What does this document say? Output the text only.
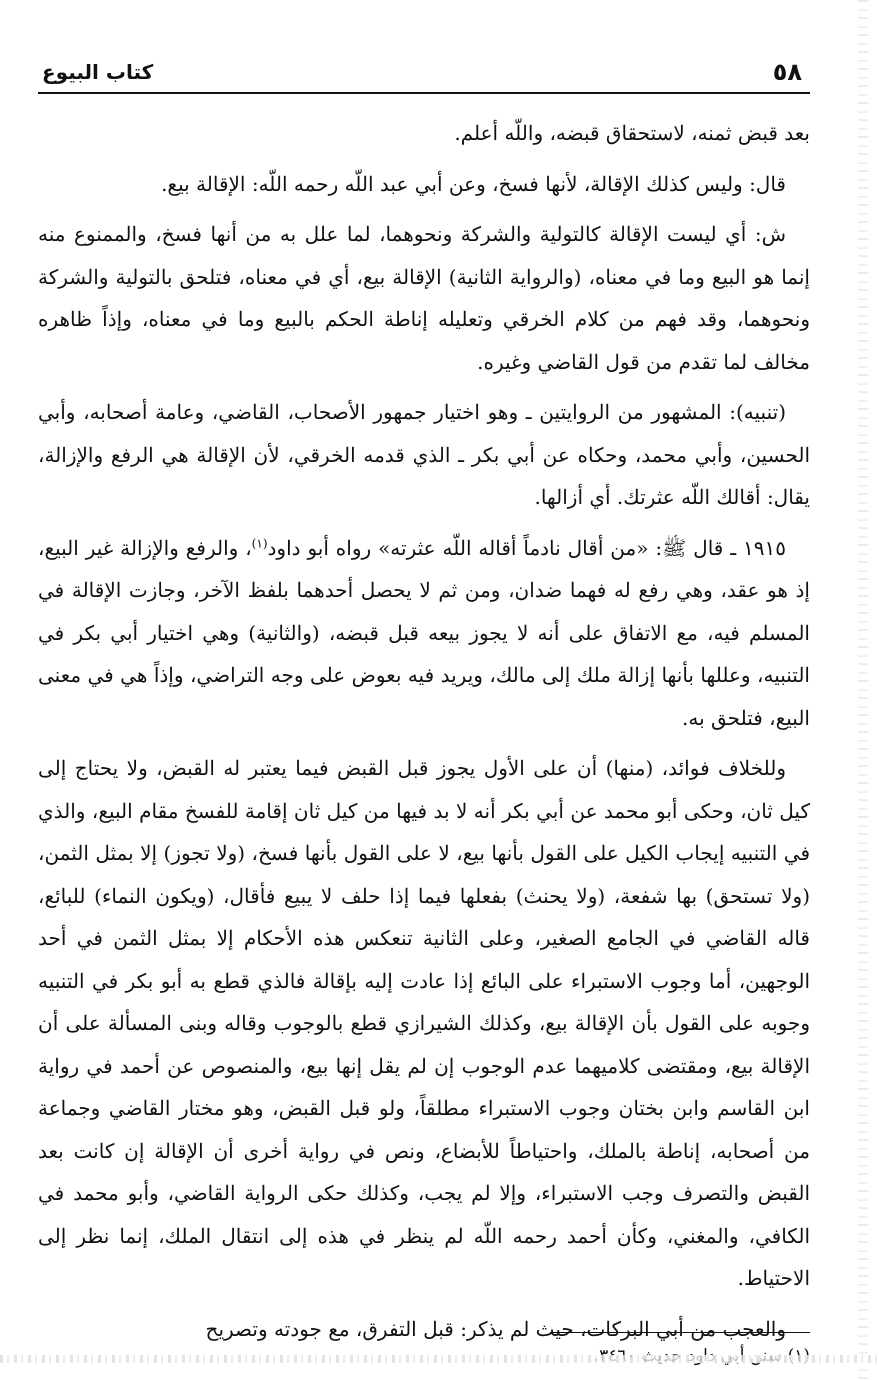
٥٨
كتاب البيوع

بعد قبض ثمنه، لاستحقاق قبضه، واللّه أعلم.

قال: وليس كذلك الإقالة، لأنها فسخ، وعن أبي عبد اللّه رحمه اللّه: الإقالة بيع.

ش: أي ليست الإقالة كالتولية والشركة ونحوهما، لما علل به من أنها فسخ، والممنوع منه إنما هو البيع وما في معناه، (والرواية الثانية) الإقالة بيع، أي في معناه، فتلحق بالتولية والشركة ونحوهما، وقد فهم من كلام الخرقي وتعليله إناطة الحكم بالبيع وما في معناه، وإذاً ظاهره مخالف لما تقدم من قول القاضي وغيره.

(تنبيه): المشهور من الروايتين ـ وهو اختيار جمهور الأصحاب، القاضي، وعامة أصحابه، وأبي الحسين، وأبي محمد، وحكاه عن أبي بكر ـ الذي قدمه الخرقي، لأن الإقالة هي الرفع والإزالة، يقال: أقالك اللّه عثرتك. أي أزالها.

١٩١٥ ـ قال ﷺ: «من أقال نادماً أقاله اللّه عثرته» رواه أبو داود$^{(١)}$، والرفع والإزالة غير البيع، إذ هو عقد، وهي رفع له فهما ضدان، ومن ثم لا يحصل أحدهما بلفظ الآخر، وجازت الإقالة في المسلم فيه، مع الاتفاق على أنه لا يجوز بيعه قبل قبضه، (والثانية) وهي اختيار أبي بكر في التنبيه، وعللها بأنها إزالة ملك إلى مالك، ويريد فيه بعوض على وجه التراضي، وإذاً هي في معنى البيع، فتلحق به.

وللخلاف فوائد، (منها) أن على الأول يجوز قبل القبض فيما يعتبر له القبض، ولا يحتاج إلى كيل ثان، وحكى أبو محمد عن أبي بكر أنه لا بد فيها من كيل ثان إقامة للفسخ مقام البيع، والذي في التنبيه إيجاب الكيل على القول بأنها بيع، لا على القول بأنها فسخ، (ولا تجوز) إلا بمثل الثمن، (ولا تستحق) بها شفعة، (ولا يحنث) بفعلها فيما إذا حلف لا يبيع فأقال، (ويكون النماء) للبائع، قاله القاضي في الجامع الصغير، وعلى الثانية تنعكس هذه الأحكام إلا بمثل الثمن في أحد الوجهين، أما وجوب الاستبراء على البائع إذا عادت إليه بإقالة فالذي قطع به أبو بكر في التنبيه وجوبه على القول بأن الإقالة بيع، وكذلك الشيرازي قطع بالوجوب وقاله وبنى المسألة على أن الإقالة بيع، ومقتضى كلاميهما عدم الوجوب إن لم يقل إنها بيع، والمنصوص عن أحمد في رواية ابن القاسم وابن بختان وجوب الاستبراء مطلقاً، ولو قبل القبض، وهو مختار القاضي وجماعة من أصحابه، إناطة بالملك، واحتياطاً للأبضاع، ونص في رواية أخرى أن الإقالة إن كانت بعد القبض والتصرف وجب الاستبراء، وإلا لم يجب، وكذلك حكى الرواية القاضي، وأبو محمد في الكافي، والمغني، وكأن أحمد رحمه اللّه لم ينظر في هذه إلى انتقال الملك، إنما نظر إلى الاحتياط.

والعجب من أبي البركات، حيث لم يذكر: قبل التفرق، مع جودته وتصريح
